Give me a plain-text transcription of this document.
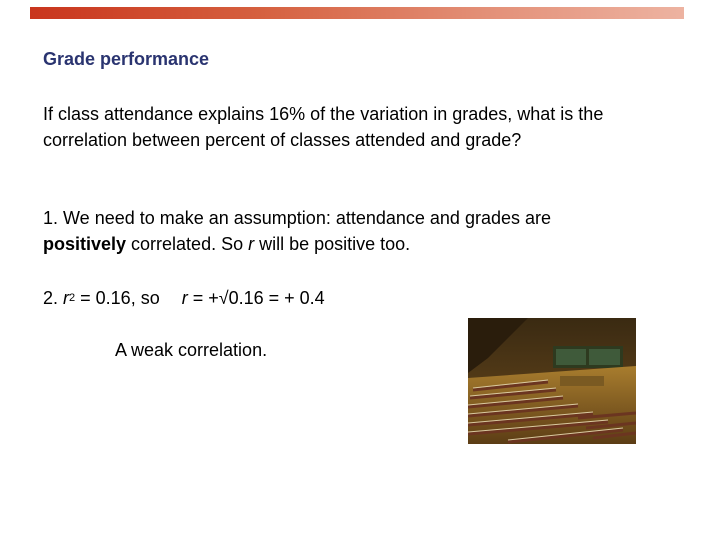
Grade performance
If class attendance explains 16% of the variation in grades, what is the
correlation between percent of classes attended and grade?
1. We need to make an assumption: attendance and grades are
positively correlated. So r will be positive too.
2. $r^2 = 0.16$, so r = +√0.16 = + 0.4
A weak correlation.
